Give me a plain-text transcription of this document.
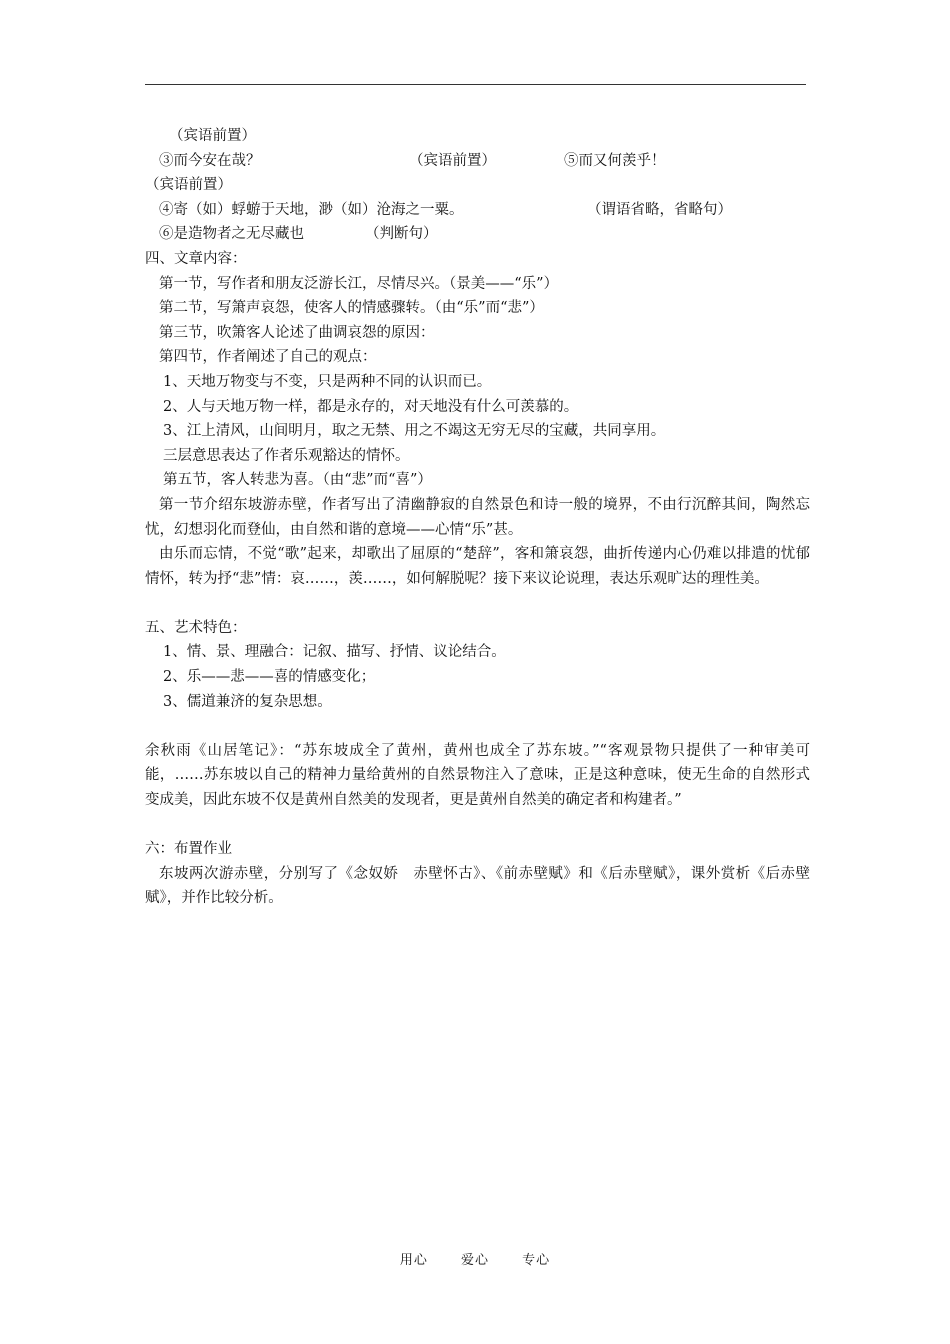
（宾语前置）
③而今安在哉？	（宾语前置）	⑤而又何羡乎！
（宾语前置）
④寄（如）蜉蝣于天地，渺（如）沧海之一粟。	（谓语省略，省略句）
⑥是造物者之无尽藏也	（判断句）
四、文章内容：
第一节，写作者和朋友泛游长江，尽情尽兴。（景美——“乐”）
第二节，写箫声哀怨，使客人的情感骤转。（由“乐”而“悲”）
第三节，吹箫客人论述了曲调哀怨的原因：
第四节，作者阐述了自己的观点：
1、天地万物变与不变，只是两种不同的认识而已。
2、人与天地万物一样，都是永存的，对天地没有什么可羡慕的。
3、江上清风，山间明月，取之无禁、用之不竭这无穷无尽的宝藏，共同享用。
三层意思表达了作者乐观豁达的情怀。
第五节，客人转悲为喜。（由“悲”而“喜”）
第一节介绍东坡游赤壁，作者写出了清幽静寂的自然景色和诗一般的境界，不由行沉醉其间，陶然忘忧，幻想羽化而登仙，由自然和谐的意境——心情“乐”甚。
由乐而忘情，不觉“歌”起来，却歌出了屈原的“楚辞”，客和箫哀怨，曲折传递内心仍难以排遣的忧郁情怀，转为抒“悲”情：哀……，羡……，如何解脱呢？接下来议论说理，表达乐观旷达的理性美。
五、艺术特色：
1、情、景、理融合：记叙、描写、抒情、议论结合。
2、乐——悲——喜的情感变化；
3、儒道兼济的复杂思想。
余秋雨《山居笔记》：“苏东坡成全了黄州，黄州也成全了苏东坡。”“客观景物只提供了一种审美可能，……苏东坡以自己的精神力量给黄州的自然景物注入了意味，正是这种意味，使无生命的自然形式变成美，因此东坡不仅是黄州自然美的发现者，更是黄州自然美的确定者和构建者。”
六：布置作业
东坡两次游赤壁，分别写了《念奴娇　赤壁怀古》、《前赤壁赋》和《后赤壁赋》，课外赏析《后赤壁赋》，并作比较分析。
用心	爱心	专心
